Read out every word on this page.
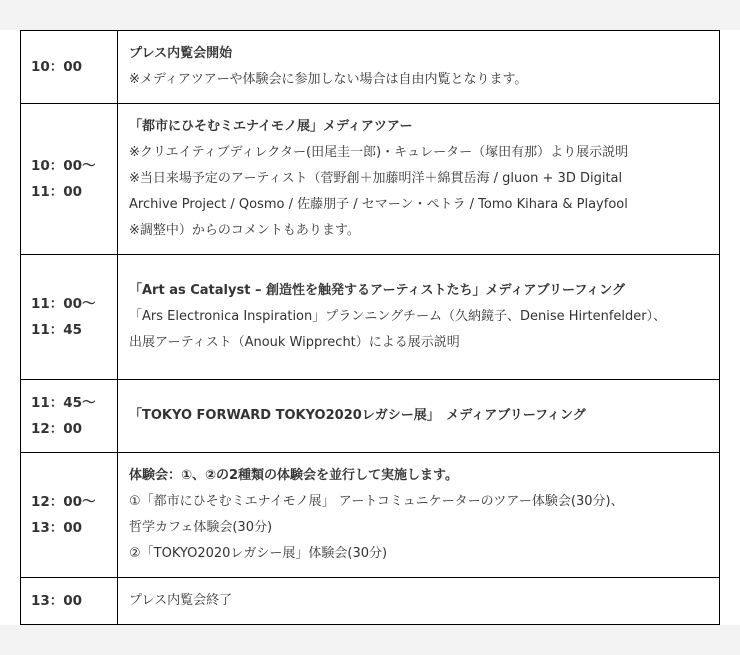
10：00	プレス内覧会開始
※メディアツアーや体験会に参加しない場合は自由内覧となります。

10：00〜
11：00	「都市にひそむミエナイモノ展」メディアツアー
※クリエイティブディレクター(田尾圭一郎)・キュレーター（塚田有那）より展示説明
※当日来場予定のアーティスト（菅野創＋加藤明洋＋綿貫岳海 / gluon + 3D Digital
Archive Project / Qosmo / 佐藤朋子 / セマーン・ペトラ / Tomo Kihara & Playfool
※調整中）からのコメントもあります。

11：00〜
11：45	「Art as Catalyst – 創造性を触発するアーティストたち」メディアブリーフィング
「Ars Electronica Inspiration」プランニングチーム（久納鏡子、Denise Hirtenfelder）、
出展アーティスト（Anouk Wipprecht）による展示説明

11：45〜
12：00	「TOKYO FORWARD TOKYO2020レガシー展」　メディアブリーフィング

12：00〜
13：00	体験会：①、②の2種類の体験会を並行して実施します。
①「都市にひそむミエナイモノ展」 アートコミュニケーターのツアー体験会(30分)、
哲学カフェ体験会(30分)
②「TOKYO2020レガシー展」体験会(30分)

13：00	プレス内覧会終了
